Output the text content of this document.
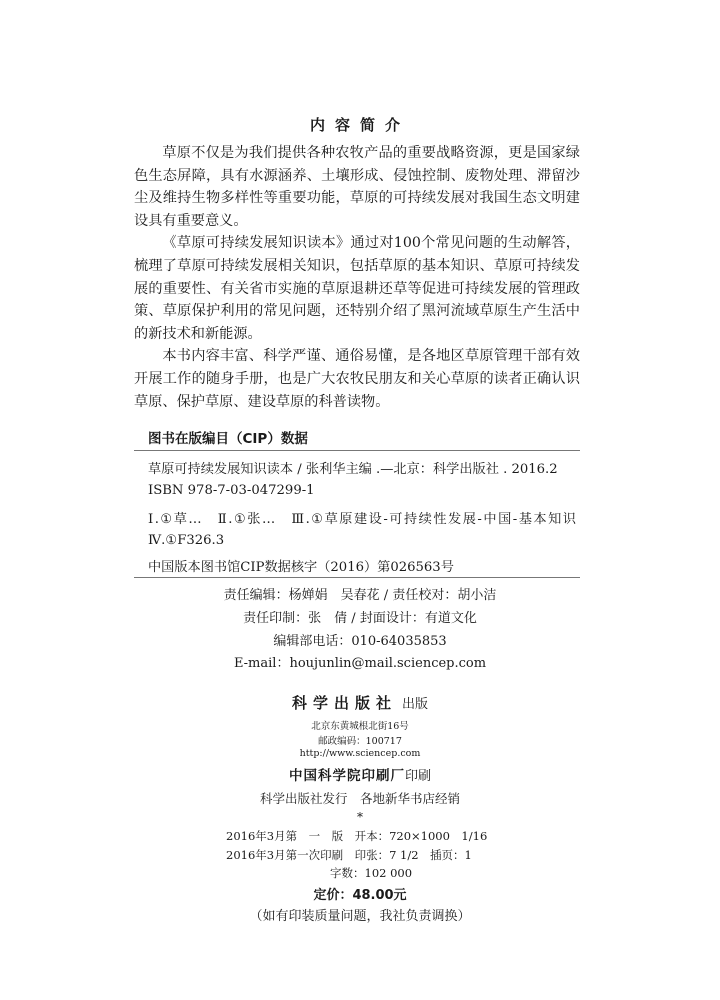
内容简介

草原不仅是为我们提供各种农牧产品的重要战略资源，更是国家绿色生态屏障，具有水源涵养、土壤形成、侵蚀控制、废物处理、滞留沙尘及维持生物多样性等重要功能，草原的可持续发展对我国生态文明建设具有重要意义。

《草原可持续发展知识读本》通过对100个常见问题的生动解答，梳理了草原可持续发展相关知识，包括草原的基本知识、草原可持续发展的重要性、有关省市实施的草原退耕还草等促进可持续发展的管理政策、草原保护利用的常见问题，还特别介绍了黑河流域草原生产生活中的新技术和新能源。

本书内容丰富、科学严谨、通俗易懂，是各地区草原管理干部有效开展工作的随身手册，也是广大农牧民朋友和关心草原的读者正确认识草原、保护草原、建设草原的科普读物。

图书在版编目（CIP）数据
草原可持续发展知识读本 / 张利华主编 .—北京：科学出版社 . 2016.2
ISBN 978-7-03-047299-1
Ⅰ.①草…　Ⅱ.①张…　Ⅲ.①草原建设-可持续性发展-中国-基本知识
Ⅳ.①F326.3
中国版本图书馆CIP数据核字（2016）第026563号
责任编辑：杨婵娟　吴春花 / 责任校对：胡小洁
责任印制：张　倩 / 封面设计：有道文化
编辑部电话：010-64035853
E-mail：houjunlin@mail.sciencep.com
科学出版社 出版
北京东黄城根北街16号
邮政编码：100717
http://www.sciencep.com
中国科学院印刷厂印刷
科学出版社发行　各地新华书店经销
*
2016年3月第　一　版　开本：720×1000　1/16
2016年3月第一次印刷　印张：7 1/2　插页：1
字数：102 000
定价：48.00元
（如有印装质量问题，我社负责调换）
